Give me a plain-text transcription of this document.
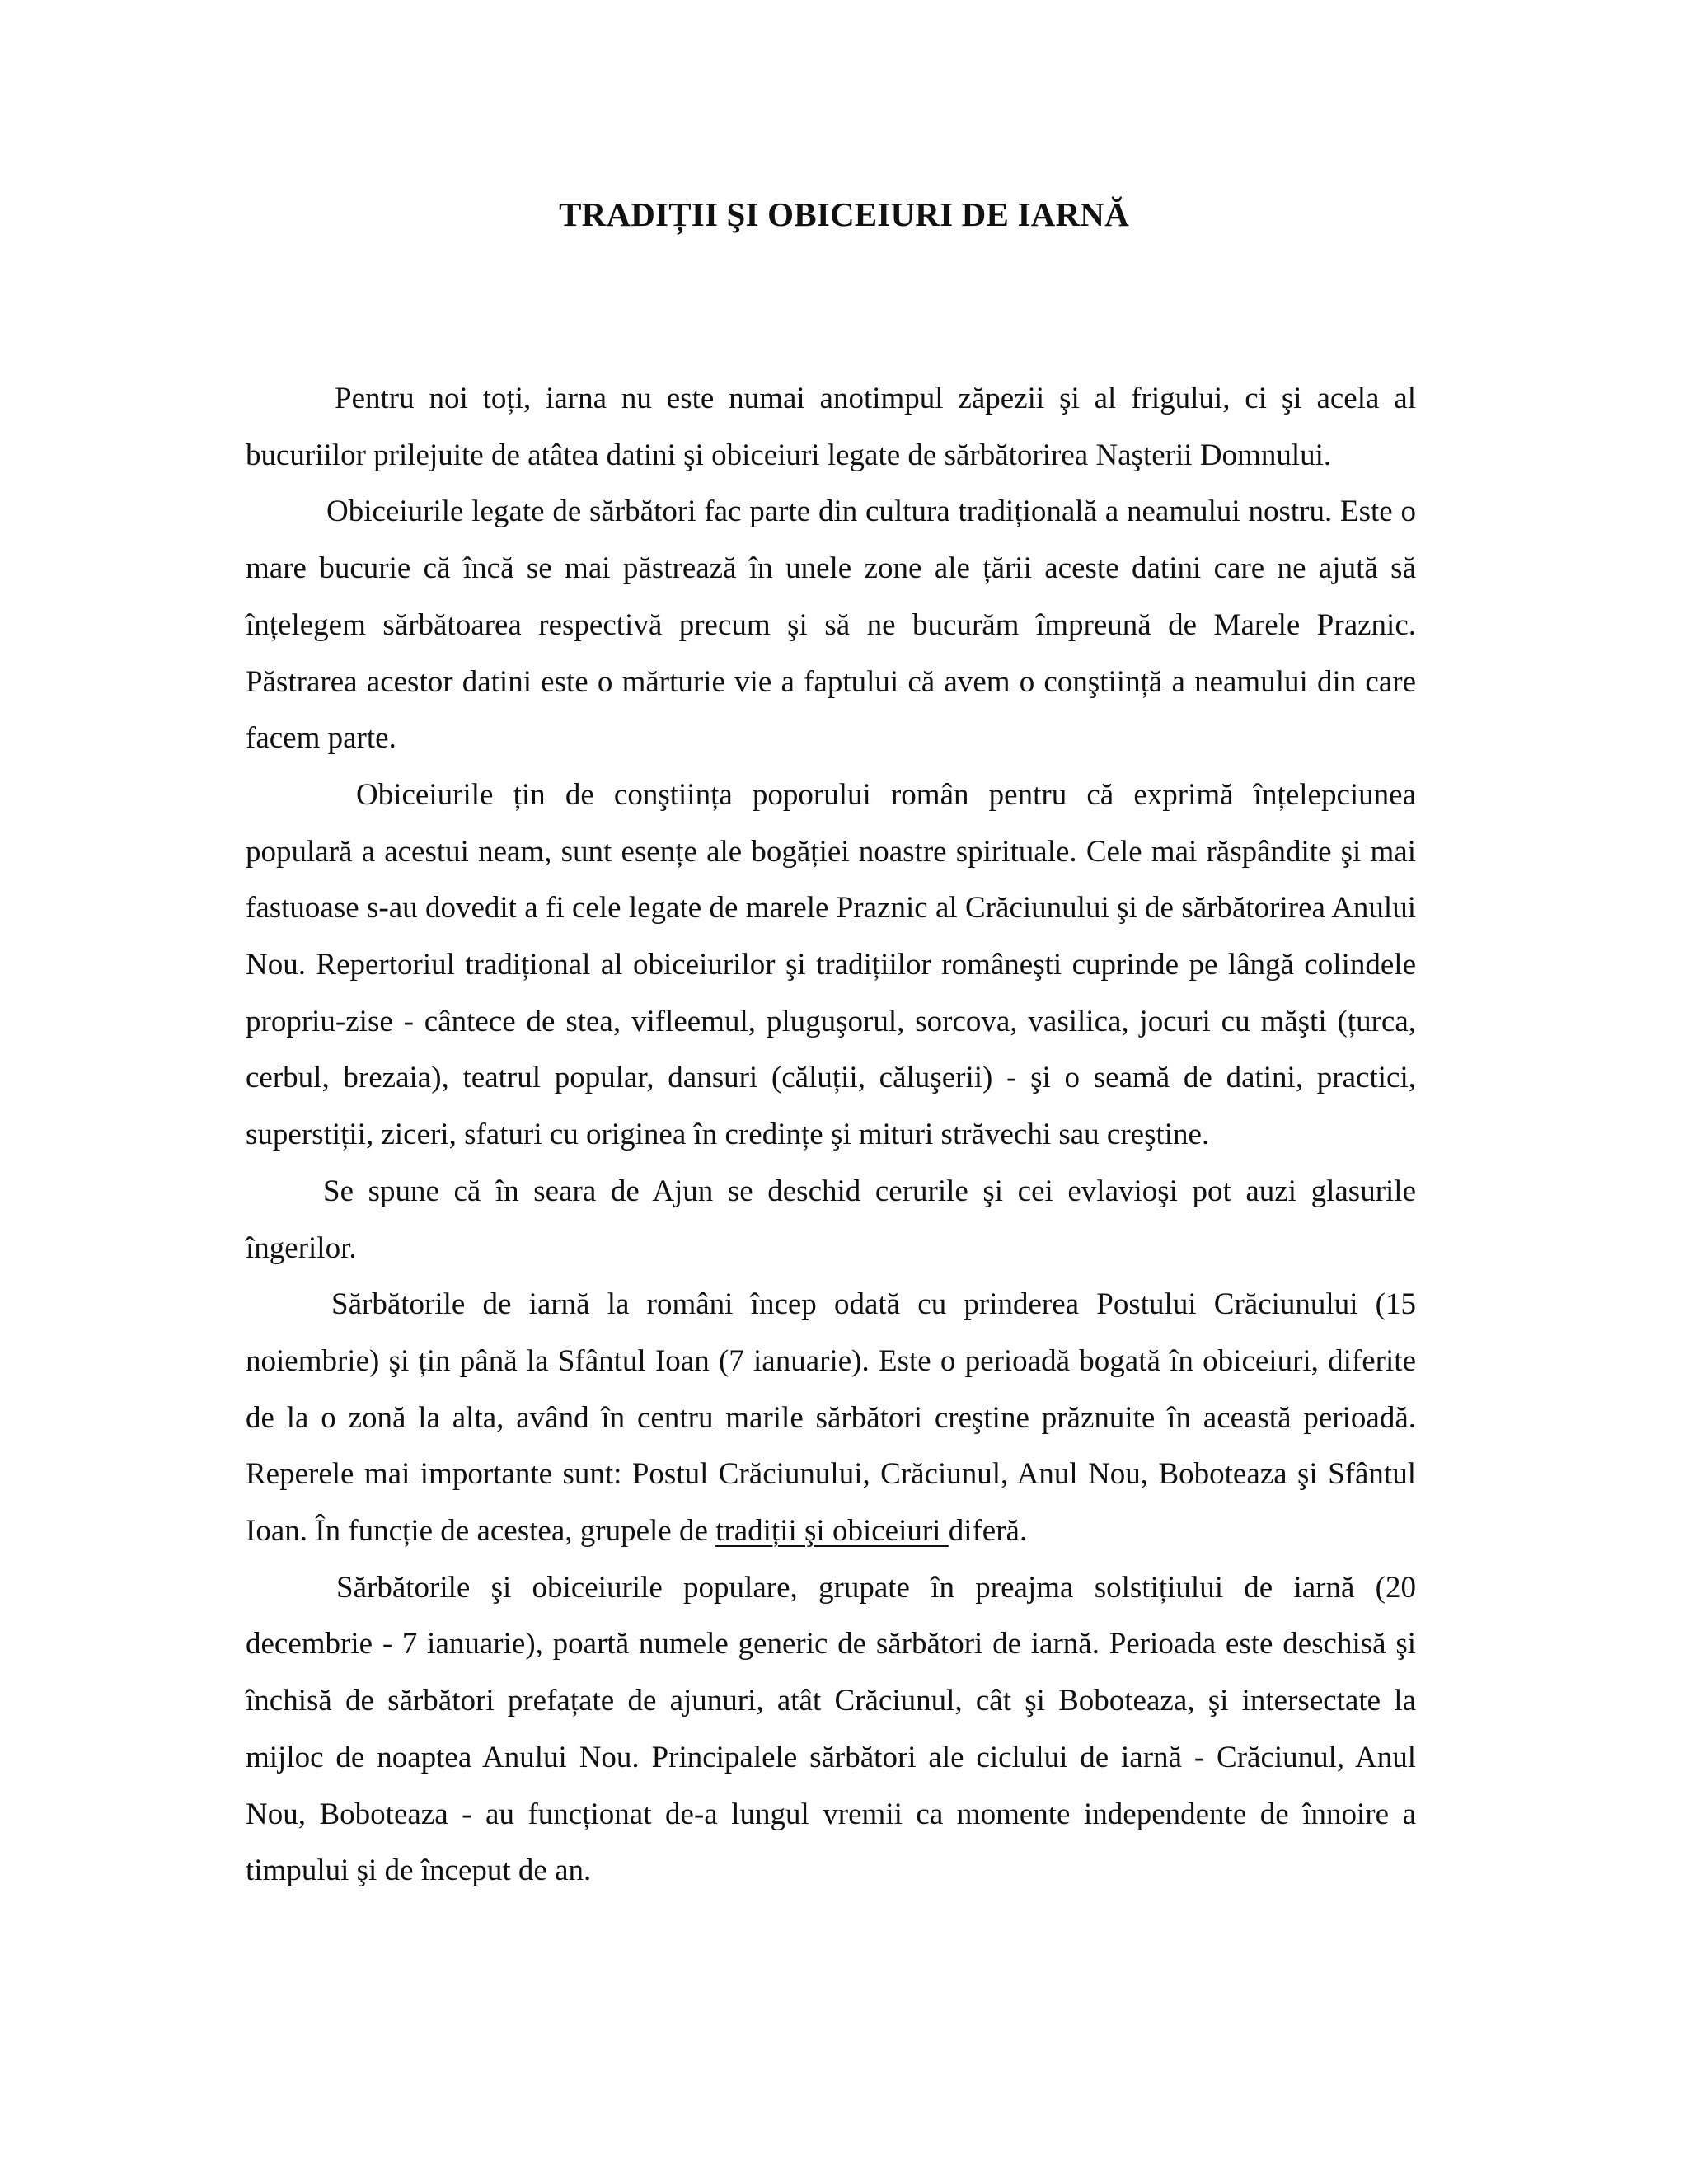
TRADIȚII ŞI OBICEIURI DE IARNĂ

Pentru noi toți, iarna nu este numai anotimpul zăpezii şi al frigului, ci şi acela al bucuriilor prilejuite de atâtea datini şi obiceiuri legate de sărbătorirea Naşterii Domnului.

Obiceiurile legate de sărbători fac parte din cultura tradițională a neamului nostru. Este o mare bucurie că încă se mai păstrează în unele zone ale țării aceste datini care ne ajută să înțelegem sărbătoarea respectivă precum şi să ne bucurăm împreună de Marele Praznic. Păstrarea acestor datini este o mărturie vie a faptului că avem o conştiință a neamului din care facem parte.

Obiceiurile țin de conştiința poporului român pentru că exprimă înțelepciunea populară a acestui neam, sunt esențe ale bogăției noastre spirituale. Cele mai răspândite şi mai fastuoase s-au dovedit a fi cele legate de marele Praznic al Crăciunului şi de sărbătorirea Anului Nou. Repertoriul tradițional al obiceiurilor şi tradițiilor româneşti cuprinde pe lângă colindele propriu-zise - cântece de stea, vifleemul, pluguşorul, sorcova, vasilica, jocuri cu măşti (țurca, cerbul, brezaia), teatrul popular, dansuri (căluții, căluşerii) - şi o seamă de datini, practici, superstiții, ziceri, sfaturi cu originea în credințe şi mituri străvechi sau creştine.

Se spune că în seara de Ajun se deschid cerurile şi cei evlavioşi pot auzi glasurile îngerilor.

Sărbătorile de iarnă la români încep odată cu prinderea Postului Crăciunului (15 noiembrie) şi țin până la Sfântul Ioan (7 ianuarie). Este o perioadă bogată în obiceiuri, diferite de la o zonă la alta, având în centru marile sărbători creştine prăznuite în această perioadă. Reperele mai importante sunt: Postul Crăciunului, Crăciunul, Anul Nou, Boboteaza şi Sfântul Ioan. În funcție de acestea, grupele de tradiții şi obiceiuri diferă.

Sărbătorile şi obiceiurile populare, grupate în preajma solstițiului de iarnă (20 decembrie - 7 ianuarie), poartă numele generic de sărbători de iarnă. Perioada este deschisă şi închisă de sărbători prefațate de ajunuri, atât Crăciunul, cât şi Boboteaza, şi intersectate la mijloc de noaptea Anului Nou. Principalele sărbători ale ciclului de iarnă - Crăciunul, Anul Nou, Boboteaza - au funcționat de-a lungul vremii ca momente independente de înnoire a timpului şi de început de an.
